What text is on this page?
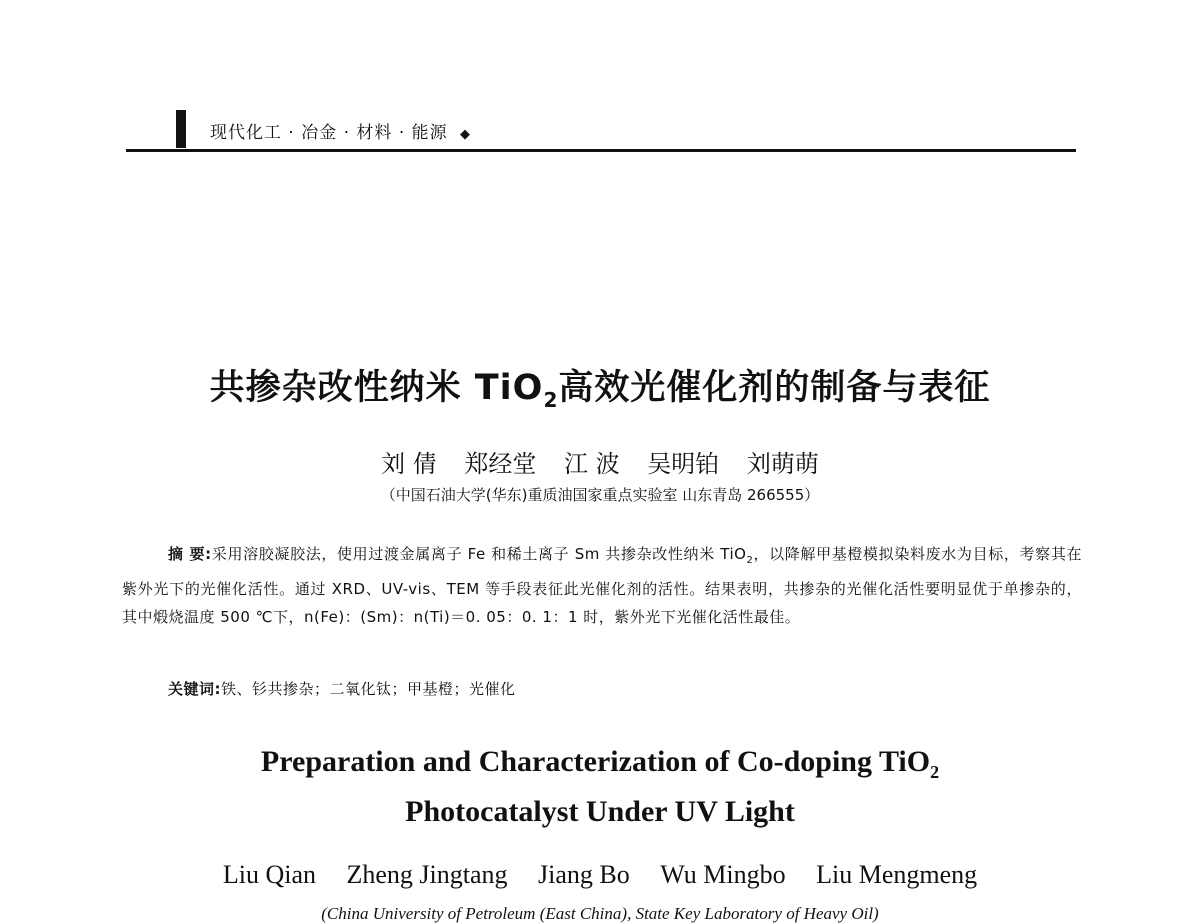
现代化工 · 冶金 · 材料 · 能源 ◆
共掺杂改性纳米 TiO$_2$高效光催化剂的制备与表征
刘 倩 郑经堂 江 波 吴明铂 刘萌萌
（中国石油大学(华东)重质油国家重点实验室 山东青岛 266555）
摘 要:采用溶胶凝胶法，使用过渡金属离子 Fe 和稀土离子 Sm 共掺杂改性纳米 TiO$_2$，以降解甲基橙模拟染料废水为目标，考察其在紫外光下的光催化活性。通过 XRD、UV-vis、TEM 等手段表征此光催化剂的活性。结果表明，共掺杂的光催化活性要明显优于单掺杂的，其中煅烧温度 500 ℃下，n(Fe)：(Sm)：n(Ti)＝0. 05：0. 1：1 时，紫外光下光催化活性最佳。
关键词:铁、钐共掺杂；二氧化钛；甲基橙；光催化
Preparation and Characterization of Co-doping TiO$_2$
Photocatalyst Under UV Light
Liu Qian Zheng Jingtang Jiang Bo Wu Mingbo Liu Mengmeng
(China University of Petroleum (East China), State Key Laboratory of Heavy Oil)
